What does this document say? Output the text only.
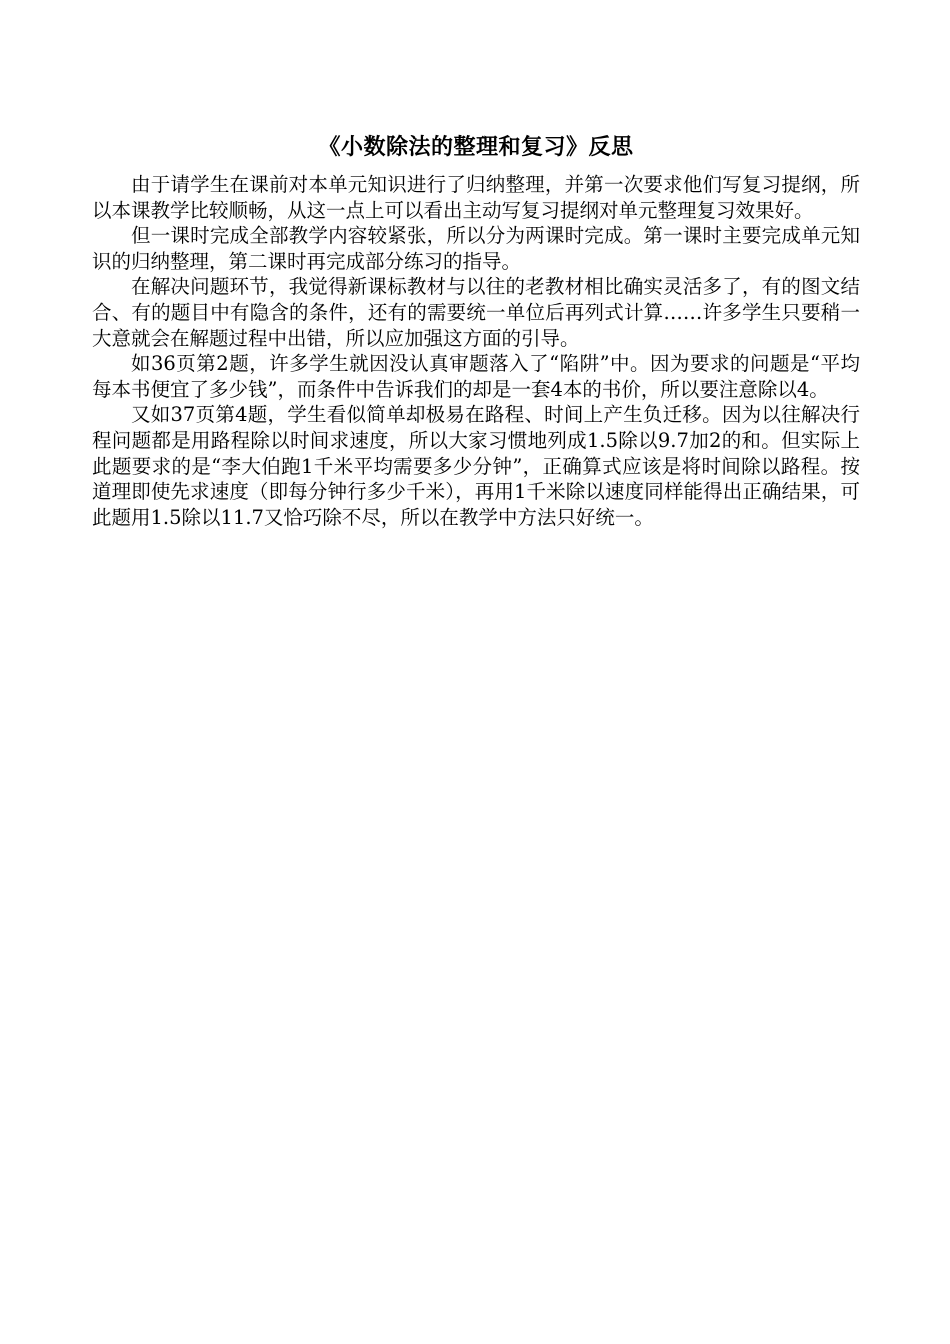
《小数除法的整理和复习》反思

由于请学生在课前对本单元知识进行了归纳整理，并第一次要求他们写复习提纲，所以本课教学比较顺畅，从这一点上可以看出主动写复习提纲对单元整理复习效果好。

但一课时完成全部教学内容较紧张，所以分为两课时完成。第一课时主要完成单元知识的归纳整理，第二课时再完成部分练习的指导。

在解决问题环节，我觉得新课标教材与以往的老教材相比确实灵活多了，有的图文结合、有的题目中有隐含的条件，还有的需要统一单位后再列式计算……许多学生只要稍一大意就会在解题过程中出错，所以应加强这方面的引导。

如36页第2题，许多学生就因没认真审题落入了“陷阱”中。因为要求的问题是“平均每本书便宜了多少钱”，而条件中告诉我们的却是一套4本的书价，所以要注意除以4。

又如37页第4题，学生看似简单却极易在路程、时间上产生负迁移。因为以往解决行程问题都是用路程除以时间求速度，所以大家习惯地列成1.5除以9.7加2的和。但实际上此题要求的是“李大伯跑1千米平均需要多少分钟”，正确算式应该是将时间除以路程。按道理即使先求速度（即每分钟行多少千米），再用1千米除以速度同样能得出正确结果，可此题用1.5除以11.7又恰巧除不尽，所以在教学中方法只好统一。
